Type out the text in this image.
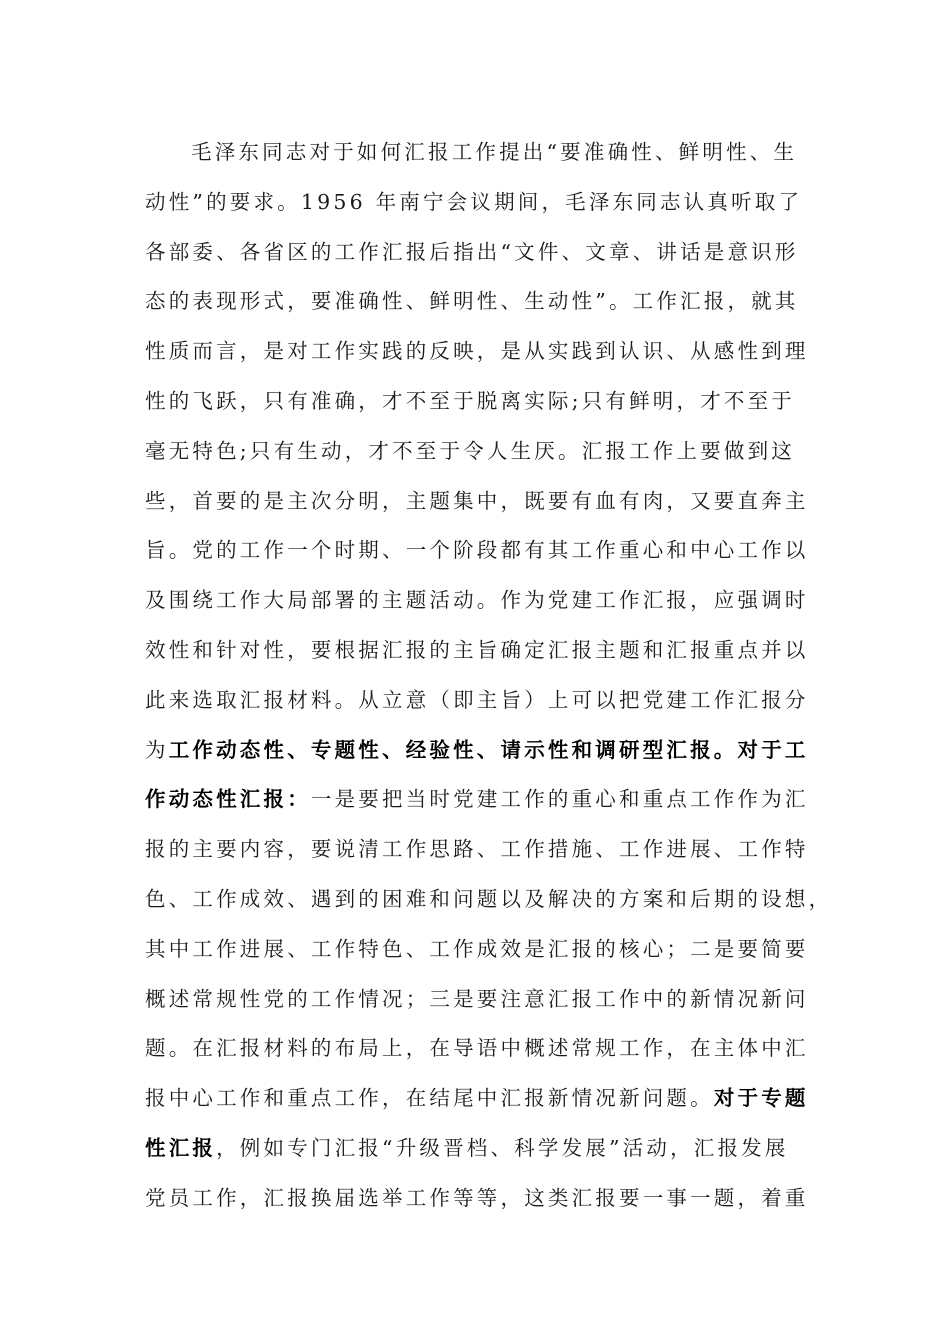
毛泽东同志对于如何汇报工作提出“要准确性、鲜明性、生
动性”的要求。1956 年南宁会议期间，毛泽东同志认真听取了
各部委、各省区的工作汇报后指出“文件、文章、讲话是意识形
态的表现形式，要准确性、鲜明性、生动性”。工作汇报，就其
性质而言，是对工作实践的反映，是从实践到认识、从感性到理
性的飞跃，只有准确，才不至于脱离实际;只有鲜明，才不至于
毫无特色;只有生动，才不至于令人生厌。汇报工作上要做到这
些，首要的是主次分明，主题集中，既要有血有肉，又要直奔主
旨。党的工作一个时期、一个阶段都有其工作重心和中心工作以
及围绕工作大局部署的主题活动。作为党建工作汇报，应强调时
效性和针对性，要根据汇报的主旨确定汇报主题和汇报重点并以
此来选取汇报材料。从立意（即主旨）上可以把党建工作汇报分
为工作动态性、专题性、经验性、请示性和调研型汇报。对于工
作动态性汇报：一是要把当时党建工作的重心和重点工作作为汇
报的主要内容，要说清工作思路、工作措施、工作进展、工作特
色、工作成效、遇到的困难和问题以及解决的方案和后期的设想，
其中工作进展、工作特色、工作成效是汇报的核心；二是要简要
概述常规性党的工作情况；三是要注意汇报工作中的新情况新问
题。在汇报材料的布局上，在导语中概述常规工作，在主体中汇
报中心工作和重点工作，在结尾中汇报新情况新问题。对于专题
性汇报，例如专门汇报“升级晋档、科学发展”活动，汇报发展
党员工作，汇报换届选举工作等等，这类汇报要一事一题，着重
